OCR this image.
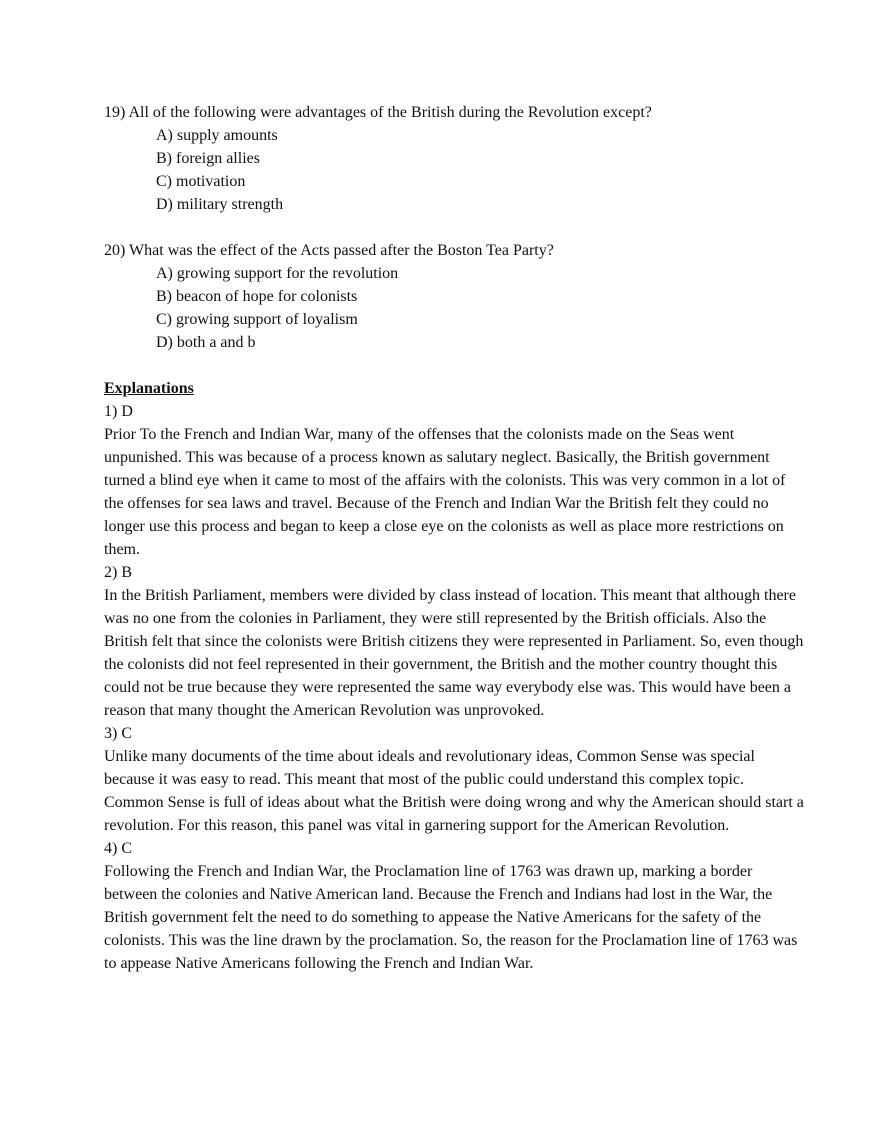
19) All of the following were advantages of the British during the Revolution except?
A) supply amounts
B) foreign allies
C) motivation
D) military strength
20) What was the effect of the Acts passed after the Boston Tea Party?
A) growing support for the revolution
B) beacon of hope for colonists
C) growing support of loyalism
D) both a and b
Explanations
1) D

Prior To the French and Indian War, many of the offenses that the colonists made on the Seas went unpunished. This was because of a process known as salutary neglect. Basically, the British government turned a blind eye when it came to most of the affairs with the colonists. This was very common in a lot of the offenses for sea laws and travel. Because of the French and Indian War the British felt they could no longer use this process and began to keep a close eye on the colonists as well as place more restrictions on them.

2) B

In the British Parliament, members were divided by class instead of location. This meant that although there was no one from the colonies in Parliament, they were still represented by the British officials. Also the British felt that since the colonists were British citizens they were represented in Parliament. So, even though the colonists did not feel represented in their government, the British and the mother country thought this could not be true because they were represented the same way everybody else was. This would have been a reason that many thought the American Revolution was unprovoked.

3) C

Unlike many documents of the time about ideals and revolutionary ideas, Common Sense was special because it was easy to read. This meant that most of the public could understand this complex topic. Common Sense is full of ideas about what the British were doing wrong and why the American should start a revolution. For this reason, this panel was vital in garnering support for the American Revolution.

4) C

Following the French and Indian War, the Proclamation line of 1763 was drawn up, marking a border between the colonies and Native American land. Because the French and Indians had lost in the War, the British government felt the need to do something to appease the Native Americans for the safety of the colonists. This was the line drawn by the proclamation. So, the reason for the Proclamation line of 1763 was to appease Native Americans following the French and Indian War.
